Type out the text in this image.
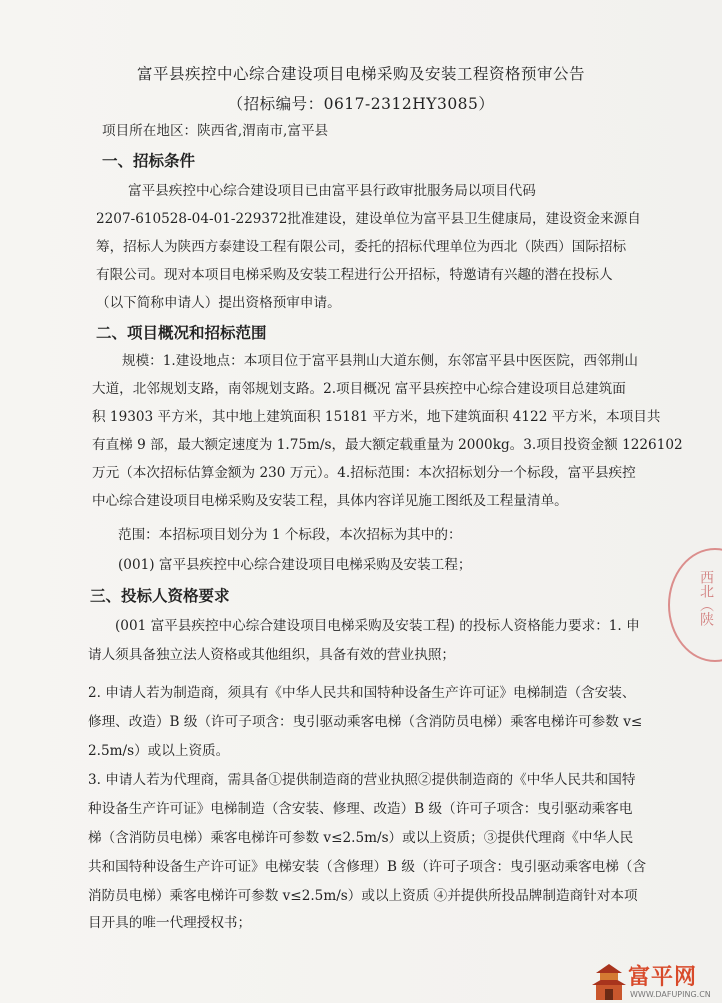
富平县疾控中心综合建设项目电梯采购及安装工程资格预审公告
（招标编号：0617-2312HY3085）
项目所在地区：陕西省,渭南市,富平县
一、招标条件
富平县疾控中心综合建设项目已由富平县行政审批服务局以项目代码
2207-610528-04-01-229372批准建设，建设单位为富平县卫生健康局，建设资金来源自
筹，招标人为陕西方泰建设工程有限公司，委托的招标代理单位为西北（陕西）国际招标
有限公司。现对本项目电梯采购及安装工程进行公开招标，特邀请有兴趣的潜在投标人
（以下简称申请人）提出资格预审申请。
二、项目概况和招标范围
规模：1.建设地点：本项目位于富平县荆山大道东侧，东邻富平县中医医院，西邻荆山
大道，北邻规划支路，南邻规划支路。2.项目概况 富平县疾控中心综合建设项目总建筑面
积 19303 平方米，其中地上建筑面积 15181 平方米，地下建筑面积 4122 平方米，本项目共
有直梯 9 部，最大额定速度为 1.75m/s，最大额定载重量为 2000kg。3.项目投资金额 1226102
万元（本次招标估算金额为 230 万元）。4.招标范围：本次招标划分一个标段，富平县疾控
中心综合建设项目电梯采购及安装工程，具体内容详见施工图纸及工程量清单。
范围：本招标项目划分为 1 个标段，本次招标为其中的：
(001) 富平县疾控中心综合建设项目电梯采购及安装工程；
三、投标人资格要求
(001 富平县疾控中心综合建设项目电梯采购及安装工程) 的投标人资格能力要求：1. 申
请人须具备独立法人资格或其他组织，具备有效的营业执照；
2. 申请人若为制造商，须具有《中华人民共和国特种设备生产许可证》电梯制造（含安装、
修理、改造）B 级（许可子项含：曳引驱动乘客电梯（含消防员电梯）乘客电梯许可参数 v≤
2.5m/s）或以上资质。
3. 申请人若为代理商，需具备①提供制造商的营业执照②提供制造商的《中华人民共和国特
种设备生产许可证》电梯制造（含安装、修理、改造）B 级（许可子项含：曳引驱动乘客电
梯（含消防员电梯）乘客电梯许可参数 v≤2.5m/s）或以上资质；③提供代理商《中华人民
共和国特种设备生产许可证》电梯安装（含修理）B 级（许可子项含：曳引驱动乘客电梯（含
消防员电梯）乘客电梯许可参数 v≤2.5m/s）或以上资质 ④并提供所投品牌制造商针对本项
目开具的唯一代理授权书；
西北（陕
富平网
WWW.DAFUPING.CN
